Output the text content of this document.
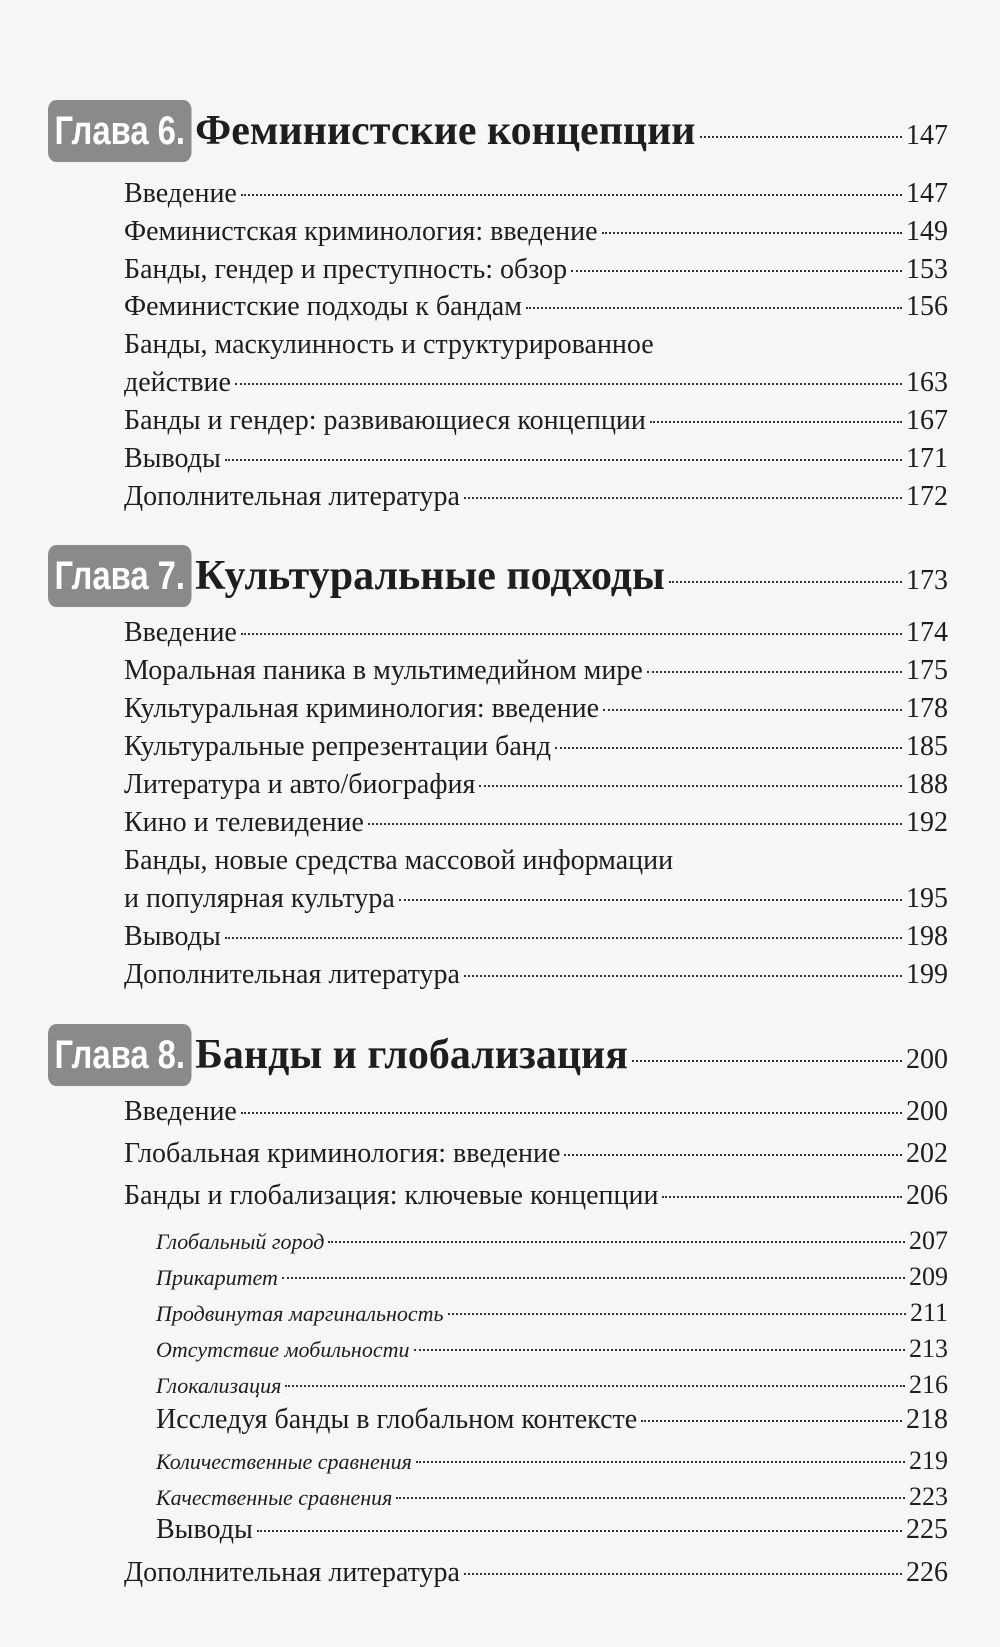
Глава 6. Феминистские концепции	147
Введение	147
Феминистская криминология: введение	149
Банды, гендер и преступность: обзор	153
Феминистские подходы к бандам	156
Банды, маскулинность и структурированное
действие	163
Банды и гендер: развивающиеся концепции	167
Выводы	171
Дополнительная литература	172
Глава 7. Культуральные подходы	173
Введение	174
Моральная паника в мультимедийном мире	175
Культуральная криминология: введение	178
Культуральные репрезентации банд	185
Литература и авто/биография	188
Кино и телевидение	192
Банды, новые средства массовой информации
и популярная культура	195
Выводы	198
Дополнительная литература	199
Глава 8. Банды и глобализация	200
Введение	200
Глобальная криминология: введение	202
Банды и глобализация: ключевые концепции	206
Глобальный город	207
Прикаритет	209
Продвинутая маргинальность	211
Отсутствие мобильности	213
Глокализация	216
Исследуя банды в глобальном контексте	218
Количественные сравнения	219
Качественные сравнения	223
Выводы	225
Дополнительная литература	226
